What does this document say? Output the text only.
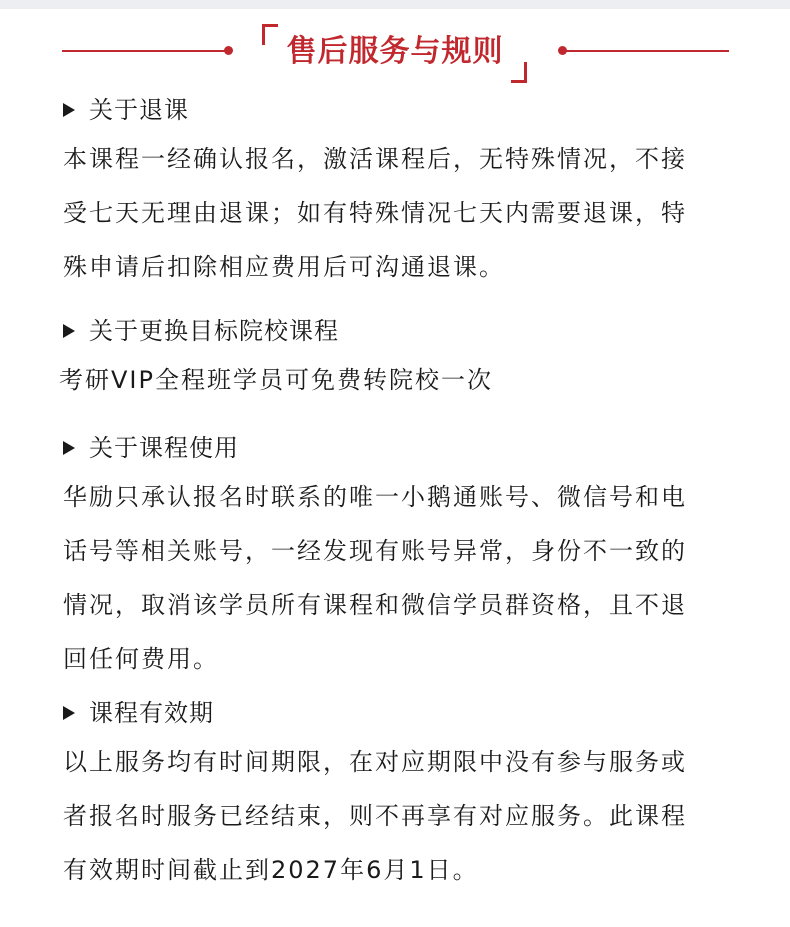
售后服务与规则
关于退课
本课程一经确认报名，激活课程后，无特殊情况，不接
受七天无理由退课；如有特殊情况七天内需要退课，特
殊申请后扣除相应费用后可沟通退课。
关于更换目标院校课程
考研VIP全程班学员可免费转院校一次
关于课程使用
华励只承认报名时联系的唯一小鹅通账号、微信号和电
话号等相关账号，一经发现有账号异常，身份不一致的
情况，取消该学员所有课程和微信学员群资格，且不退
回任何费用。
课程有效期
以上服务均有时间期限，在对应期限中没有参与服务或
者报名时服务已经结束，则不再享有对应服务。此课程
有效期时间截止到2027年6月1日。
